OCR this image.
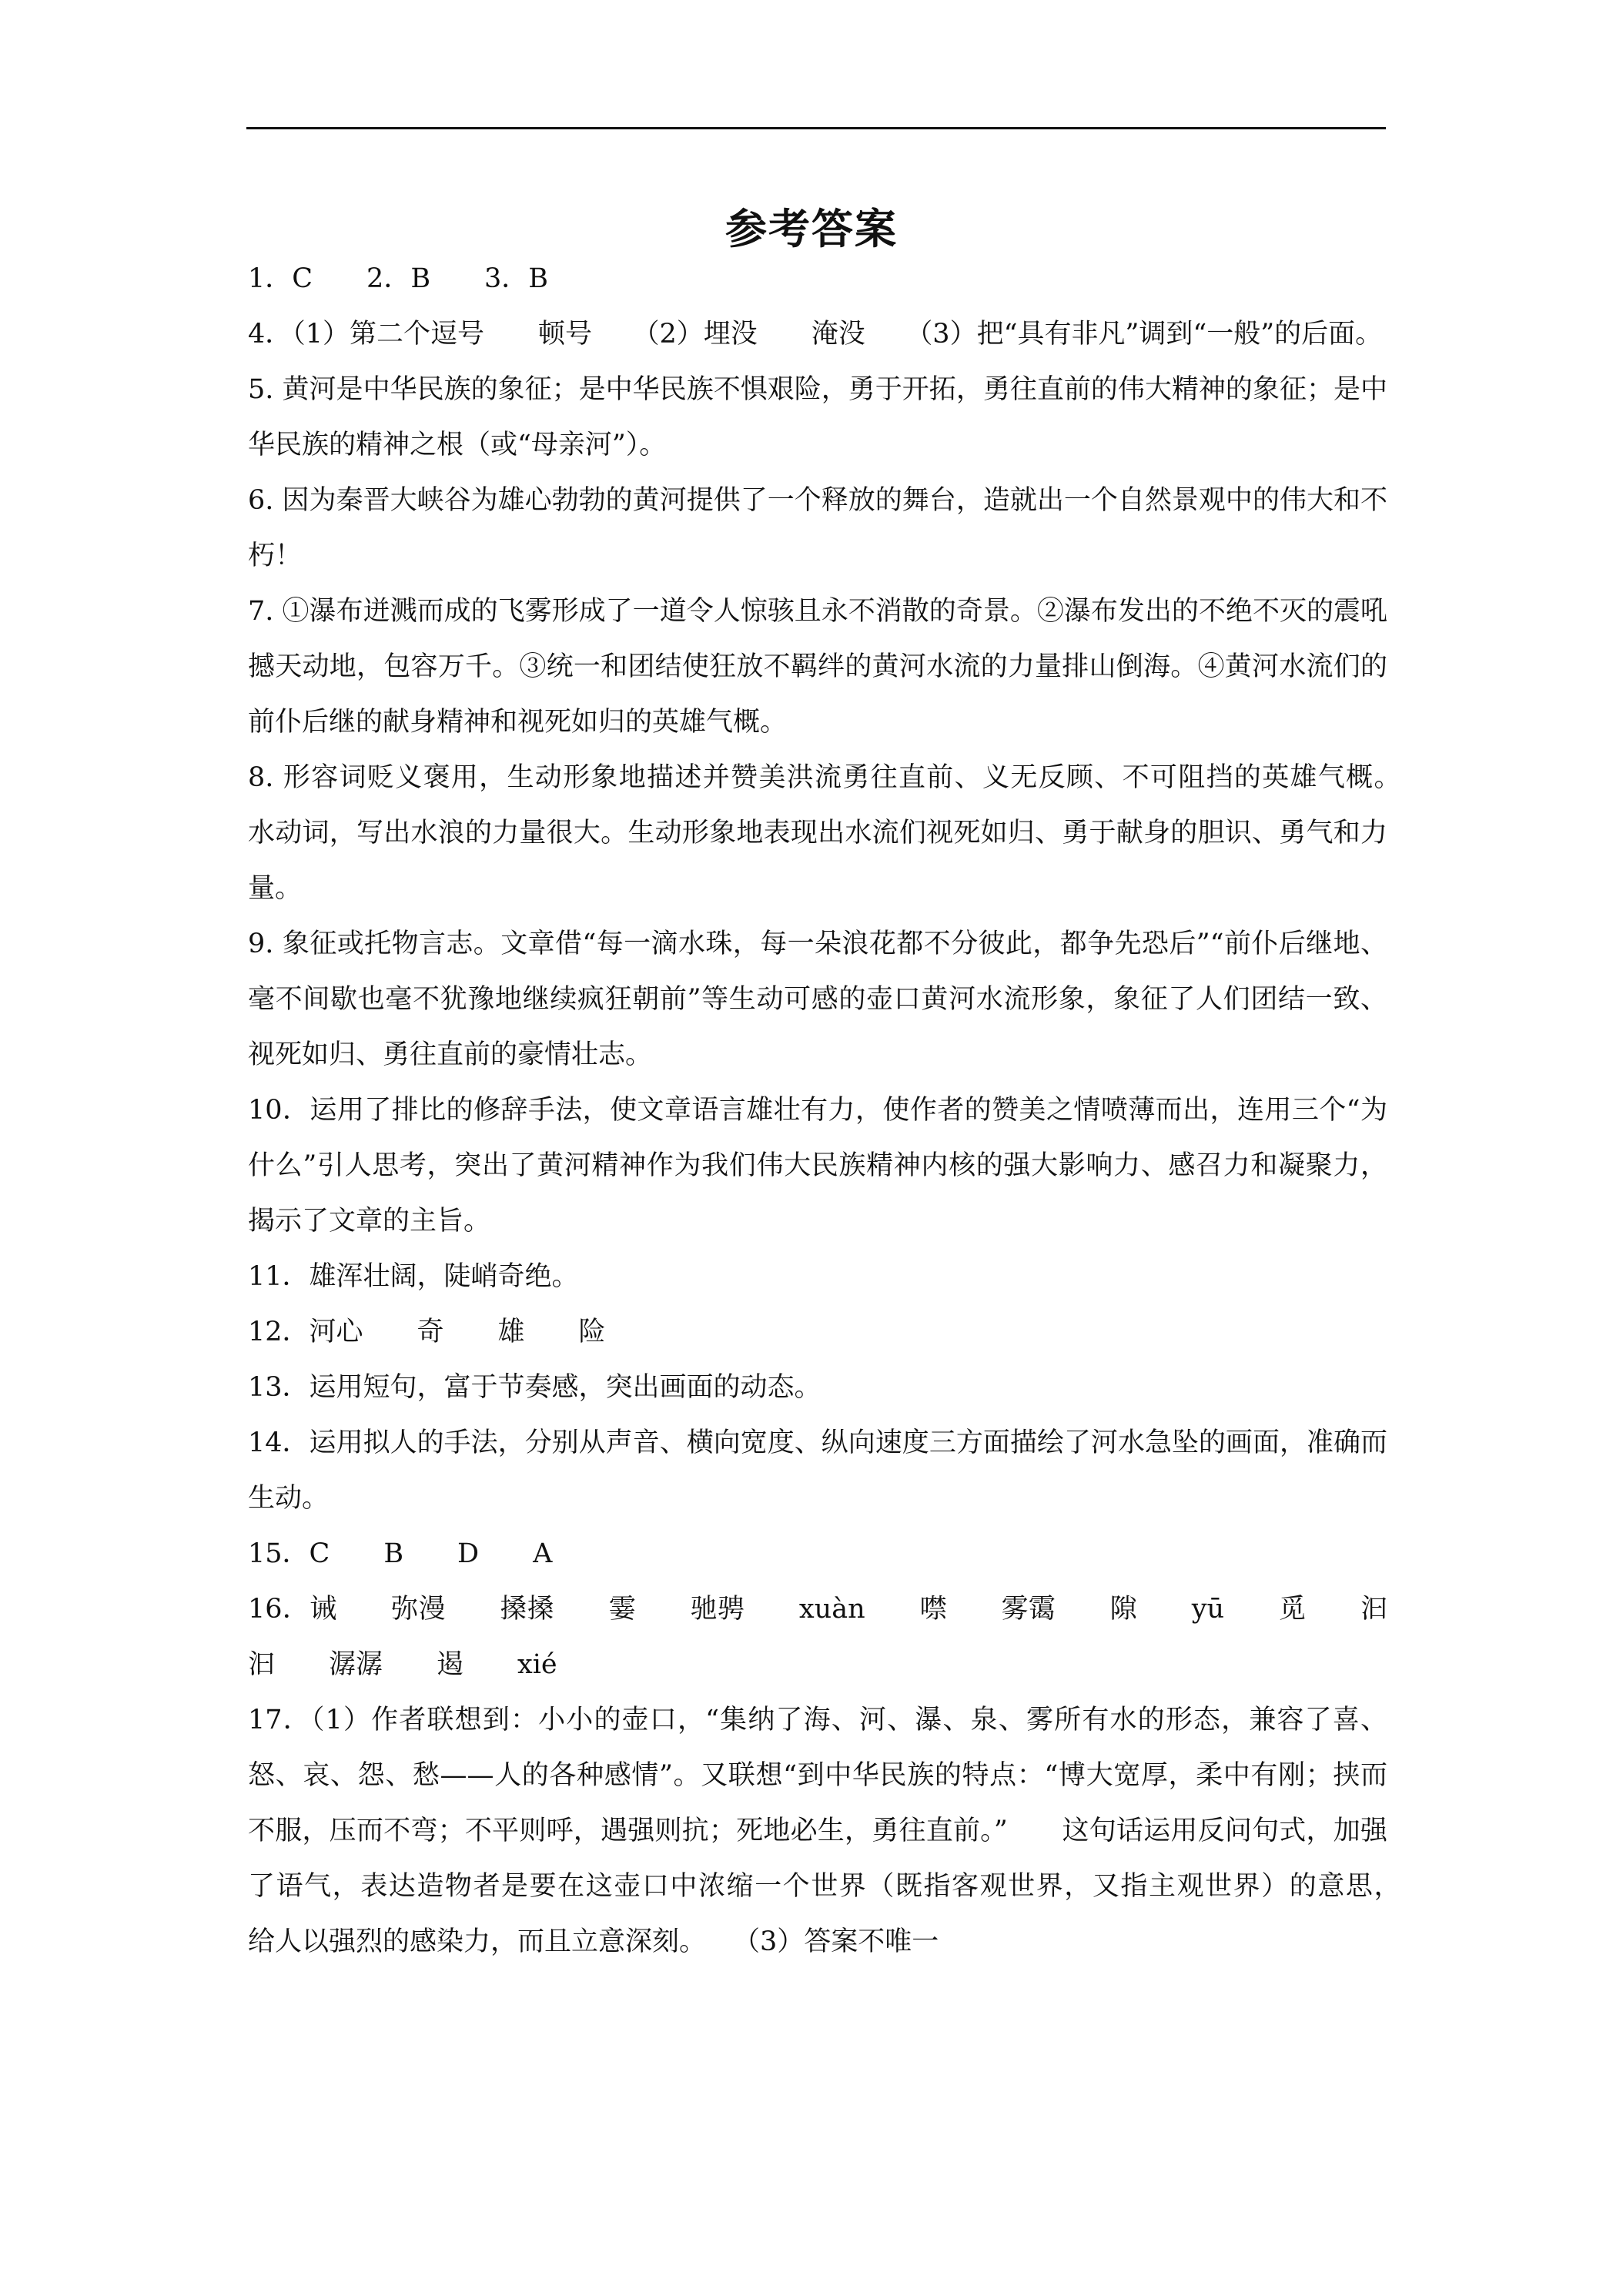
参考答案

1．C　　2．B　　3．B

4．（1）第二个逗号　　顿号　　（2）埋没　　淹没　　（3）把“具有非凡”调到“一般”的后面。

5. 黄河是中华民族的象征；是中华民族不惧艰险，勇于开拓，勇往直前的伟大精神的象征；是中华民族的精神之根（或“母亲河”）。

6. 因为秦晋大峡谷为雄心勃勃的黄河提供了一个释放的舞台，造就出一个自然景观中的伟大和不朽！

7. ①瀑布迸溅而成的飞雾形成了一道令人惊骇且永不消散的奇景。②瀑布发出的不绝不灭的震吼撼天动地，包容万千。③统一和团结使狂放不羁绊的黄河水流的力量排山倒海。④黄河水流们的前仆后继的献身精神和视死如归的英雄气概。

8. 形容词贬义褒用，生动形象地描述并赞美洪流勇往直前、义无反顾、不可阻挡的英雄气概。　　水动词，写出水浪的力量很大。生动形象地表现出水流们视死如归、勇于献身的胆识、勇气和力量。

9. 象征或托物言志。文章借“每一滴水珠，每一朵浪花都不分彼此，都争先恐后”“前仆后继地、毫不间歇也毫不犹豫地继续疯狂朝前”等生动可感的壶口黄河水流形象，象征了人们团结一致、视死如归、勇往直前的豪情壮志。

10．运用了排比的修辞手法，使文章语言雄壮有力，使作者的赞美之情喷薄而出，连用三个“为什么”引人思考，突出了黄河精神作为我们伟大民族精神内核的强大影响力、感召力和凝聚力，揭示了文章的主旨。

11．雄浑壮阔，陡峭奇绝。

12．河心　　奇　　雄　　险

13．运用短句，富于节奏感，突出画面的动态。

14．运用拟人的手法，分别从声音、横向宽度、纵向速度三方面描绘了河水急坠的画面，准确而生动。

15．C　　B　　D　　A

16．诫　　弥漫　　搡搡　　霎　　驰骋　　xuàn　　噤　　雾霭　　隙　　yū　　觅　　汩汩　　潺潺　　遏　　xié

17．（1）作者联想到：小小的壶口，“集纳了海、河、瀑、泉、雾所有水的形态，兼容了喜、怒、哀、怨、愁——人的各种感情”。又联想“到中华民族的特点：“博大宽厚，柔中有刚；挟而不服，压而不弯；不平则呼，遇强则抗；死地必生，勇往直前。”　　这句话运用反问句式，加强了语气，表达造物者是要在这壶口中浓缩一个世界（既指客观世界，又指主观世界）的意思，　给人以强烈的感染力，而且立意深刻。　　（3）答案不唯一
